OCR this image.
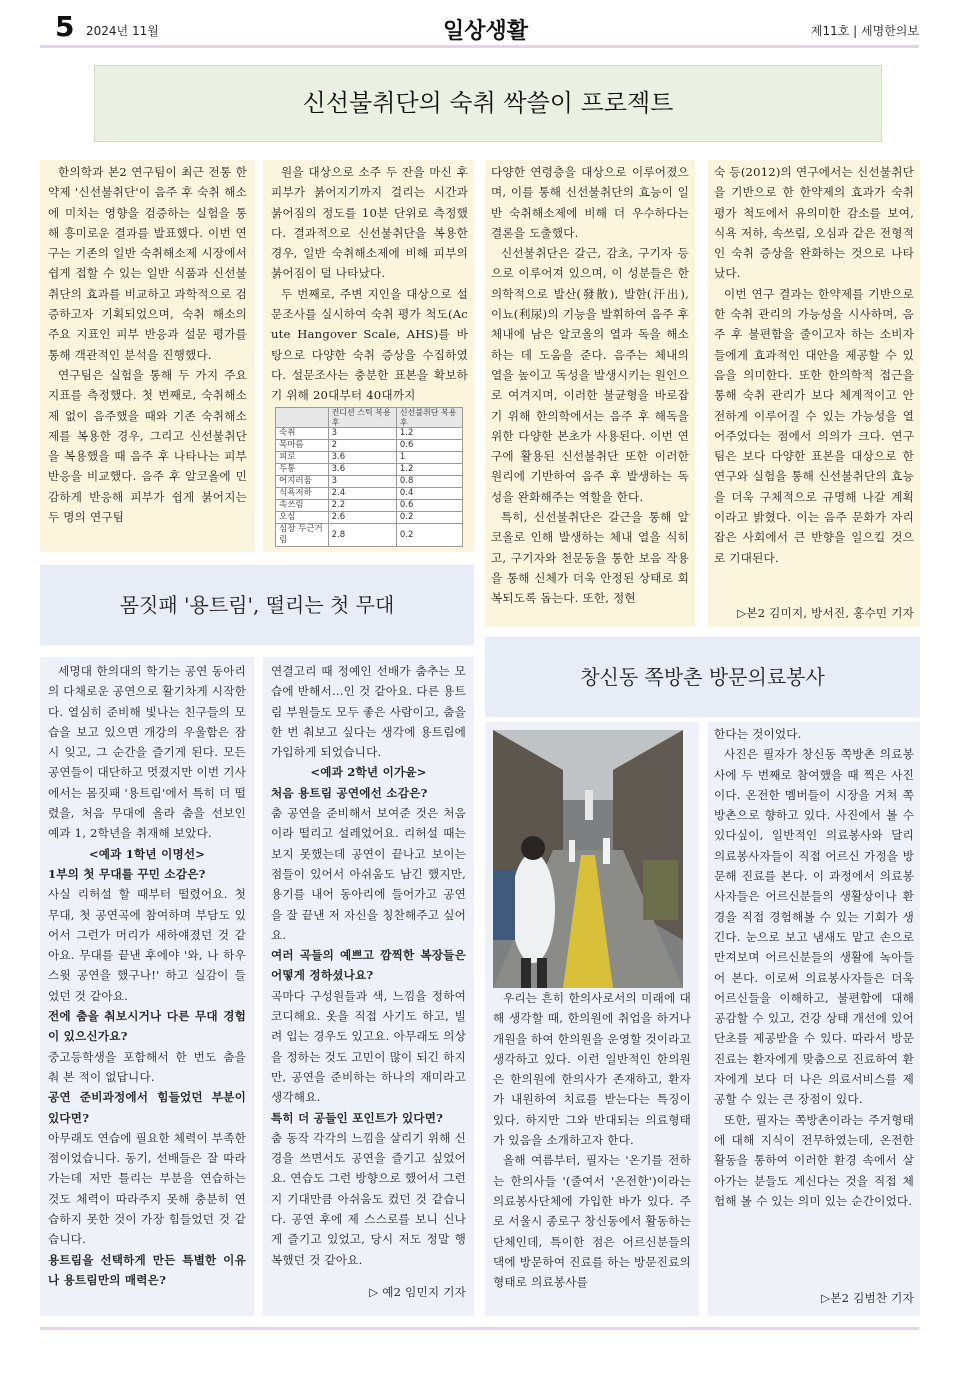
5 2024년 11월	일상생활	제11호 | 세명한의보
신선불취단의 숙취 싹쓸이 프로젝트

한의학과 본2 연구팀이 최근 전통 한약제 '신선불취단'이 음주 후 숙취 해소에 미치는 영향을 검증하는 실험을 통해 흥미로운 결과를 발표했다. 이번 연구는 기존의 일반 숙취해소제 시장에서 쉽게 접할 수 있는 일반 식품과 신선불취단의 효과를 비교하고 과학적으로 검증하고자 기획되었으며, 숙취 해소의 주요 지표인 피부 반응과 설문 평가를 통해 객관적인 분석을 진행했다.

연구팀은 실험을 통해 두 가지 주요 지표를 측정했다. 첫 번째로, 숙취해소제 없이 음주했을 때와 기존 숙취해소제를 복용한 경우, 그리고 신선불취단을 복용했을 때 음주 후 나타나는 피부 반응을 비교했다. 음주 후 알코올에 민감하게 반응해 피부가 쉽게 붉어지는 두 명의 연구팀

원을 대상으로 소주 두 잔을 마신 후 피부가 붉어지기까지 걸리는 시간과 붉어짐의 정도를 10분 단위로 측정했다. 결과적으로 신선불취단을 복용한 경우, 일반 숙취해소제에 비해 피부의 붉어짐이 덜 나타났다.

두 번째로, 주변 지인을 대상으로 설문조사를 실시하여 숙취 평가 척도(Acute Hangover Scale, AHS)를 바탕으로 다양한 숙취 증상을 수집하였다. 설문조사는 충분한 표본을 확보하기 위해 20대부터 40대까지

	컨디션 스틱 복용 후	신선불취단 복용 후
숙취	3	1.2
목마름	2	0.6
피로	3.6	1
두통	3.6	1.2
어지러움	3	0.8
식욕저하	2.4	0.4
속쓰림	2.2	0.6
오심	2.6	0.2
심장 두근거림	2.8	0.2

다양한 연령층을 대상으로 이루어졌으며, 이를 통해 신선불취단의 효능이 일반 숙취해소제에 비해 더 우수하다는 결론을 도출했다.

신선불취단은 갈근, 감초, 구기자 등으로 이루어져 있으며, 이 성분들은 한의학적으로 발산(發散), 발한(汗出), 이뇨(利尿)의 기능을 발휘하여 음주 후 체내에 남은 알코올의 열과 독을 해소하는 데 도움을 준다. 음주는 체내의 열을 높이고 독성을 발생시키는 원인으로 여겨지며, 이러한 불균형을 바로잡기 위해 한의학에서는 음주 후 해독을 위한 다양한 본초가 사용된다. 이번 연구에 활용된 신선불취단 또한 이러한 원리에 기반하여 음주 후 발생하는 독성을 완화해주는 역할을 한다.

특히, 신선불취단은 갈근을 통해 알코올로 인해 발생하는 체내 열을 식히고, 구기자와 천문동을 통한 보음 작용을 통해 신체가 더욱 안정된 상태로 회복되도록 돕는다. 또한, 정현

숙 등(2012)의 연구에서는 신선불취단을 기반으로 한 한약제의 효과가 숙취평가 척도에서 유의미한 감소를 보여, 식욕 저하, 속쓰림, 오심과 같은 전형적인 숙취 증상을 완화하는 것으로 나타났다.

이번 연구 결과는 한약제를 기반으로 한 숙취 관리의 가능성을 시사하며, 음주 후 불편함을 줄이고자 하는 소비자들에게 효과적인 대안을 제공할 수 있음을 의미한다. 또한 한의학적 접근을 통해 숙취 관리가 보다 체계적이고 안전하게 이루어질 수 있는 가능성을 열어주었다는 점에서 의의가 크다. 연구팀은 보다 다양한 표본을 대상으로 한 연구와 실험을 통해 신선불취단의 효능을 더욱 구체적으로 규명해 나갈 계획이라고 밝혔다. 이는 음주 문화가 자리잡은 사회에서 큰 반향을 일으킬 것으로 기대된다.

▷본2 김미지, 방서진, 홍수민 기자
몸짓패 '용트림', 떨리는 첫 무대

세명대 한의대의 학기는 공연 동아리의 다채로운 공연으로 활기차게 시작한다. 열심히 준비해 빛나는 친구들의 모습을 보고 있으면 개강의 우울함은 잠시 잊고, 그 순간을 즐기게 된다. 모든 공연들이 대단하고 멋졌지만 이번 기사에서는 몸짓패 '용트림'에서 특히 더 떨렸을, 처음 무대에 올라 춤을 선보인 예과 1, 2학년을 취재해 보았다.

<예과 1학년 이명선>

1부의 첫 무대를 꾸민 소감은?

사실 리허설 할 때부터 떨렸어요. 첫 무대, 첫 공연곡에 참여하며 부담도 있어서 그런가 머리가 새하얘졌던 것 같아요. 무대를 끝낸 후에야 '와, 나 하우스윗 공연을 했구나!' 하고 실감이 들었던 것 같아요.

전에 춤을 춰보시거나 다른 무대 경험이 있으신가요?

중고등학생을 포함해서 한 번도 춤을 춰 본 적이 없답니다.

공연 준비과정에서 힘들었던 부분이 있다면?

아무래도 연습에 필요한 체력이 부족한 점이었습니다. 동기, 선배들은 잘 따라가는데 저만 틀리는 부분을 연습하는 것도 체력이 따라주지 못해 충분히 연습하지 못한 것이 가장 힘들었던 것 같습니다.

용트림을 선택하게 만든 특별한 이유나 용트림만의 매력은?

연결고리 때 정예인 선배가 춤추는 모습에 반해서...인 것 같아요. 다른 용트림 부원들도 모두 좋은 사람이고, 춤을 한 번 춰보고 싶다는 생각에 용트림에 가입하게 되었습니다.

<예과 2학년 이가윤>

처음 용트림 공연에선 소감은?

춤 공연을 준비해서 보여준 것은 처음이라 떨리고 설레었어요. 리허설 때는 보지 못했는데 공연이 끝나고 보이는 점들이 있어서 아쉬움도 남긴 했지만, 용기를 내어 동아리에 들어가고 공연을 잘 끝낸 저 자신을 칭찬해주고 싶어요.

여러 곡들의 예쁘고 깜찍한 복장들은 어떻게 정하셨나요?

곡마다 구성원들과 색, 느낌을 정하여 코디해요. 옷을 직접 사기도 하고, 빌려 입는 경우도 있고요. 아무래도 의상을 정하는 것도 고민이 많이 되긴 하지만, 공연을 준비하는 하나의 재미라고 생각해요.

특히 더 공들인 포인트가 있다면?

춤 동작 각각의 느낌을 살리기 위해 신경을 쓰면서도 공연을 즐기고 싶었어요. 연습도 그런 방향으로 했어서 그런지 기대만큼 아쉬움도 컸던 것 같습니다. 공연 후에 제 스스로를 보니 신나게 즐기고 있었고, 당시 저도 정말 행복했던 것 같아요.

▷ 예2 임민지 기자
창신동 쪽방촌 방문의료봉사

우리는 흔히 한의사로서의 미래에 대해 생각할 때, 한의원에 취업을 하거나 개원을 하여 한의원을 운영할 것이라고 생각하고 있다. 이런 일반적인 한의원은 한의원에 한의사가 존재하고, 환자가 내원하여 치료를 받는다는 특징이 있다. 하지만 그와 반대되는 의료형태가 있음을 소개하고자 한다.

올해 여름부터, 필자는 '온기를 전하는 한의사들 '(줄여서 '온전한')이라는 의료봉사단체에 가입한 바가 있다. 주로 서울시 종로구 창신동에서 활동하는 단체인데, 특이한 점은 어르신분들의 댁에 방문하여 진료를 하는 방문진료의 형태로 의료봉사를

한다는 것이었다.

사진은 필자가 창신동 쪽방촌 의료봉사에 두 번째로 참여했을 때 찍은 사진이다. 온전한 멤버들이 시장을 거쳐 쪽방촌으로 향하고 있다. 사진에서 볼 수 있다싶이, 일반적인 의료봉사와 달리 의료봉사자들이 직접 어르신 가정을 방문해 진료를 본다. 이 과정에서 의료봉사자들은 어르신분들의 생활상이나 환경을 직접 경험해볼 수 있는 기회가 생긴다. 눈으로 보고 냄새도 맡고 손으로 만져보며 어르신분들의 생활에 녹아들어 본다. 이로써 의료봉사자들은 더욱 어르신들을 이해하고, 불편함에 대해 공감할 수 있고, 건강 상태 개선에 있어 단초를 제공받을 수 있다. 따라서 방문진료는 환자에게 맞춤으로 진료하여 환자에게 보다 더 나은 의료서비스를 제공할 수 있는 큰 장점이 있다.

또한, 필자는 쪽방촌이라는 주거형태에 대해 지식이 전무하였는데, 온전한 활동을 통하여 이러한 환경 속에서 살아가는 분들도 계신다는 것을 직접 체험해 볼 수 있는 의미 있는 순간이었다.

▷본2 김범찬 기자
